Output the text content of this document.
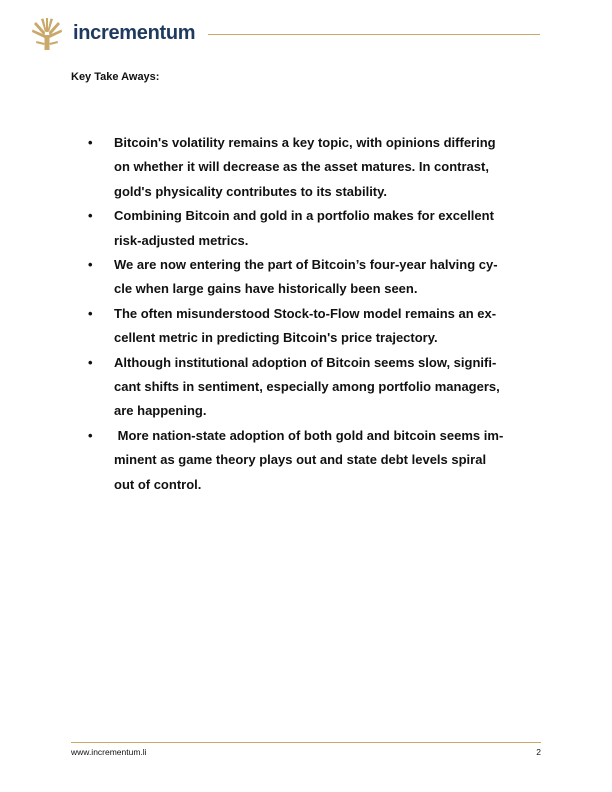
incrementum
Key Take Aways:
• Bitcoin's volatility remains a key topic, with opinions differing
on whether it will decrease as the asset matures. In contrast,
gold's physicality contributes to its stability.
• Combining Bitcoin and gold in a portfolio makes for excellent
risk-adjusted metrics.
• We are now entering the part of Bitcoin’s four-year halving cy-
cle when large gains have historically been seen.
• The often misunderstood Stock-to-Flow model remains an ex-
cellent metric in predicting Bitcoin's price trajectory.
• Although institutional adoption of Bitcoin seems slow, signifi-
cant shifts in sentiment, especially among portfolio managers,
are happening.
• More nation-state adoption of both gold and bitcoin seems im-
minent as game theory plays out and state debt levels spiral
out of control.
www.incrementum.li	2
